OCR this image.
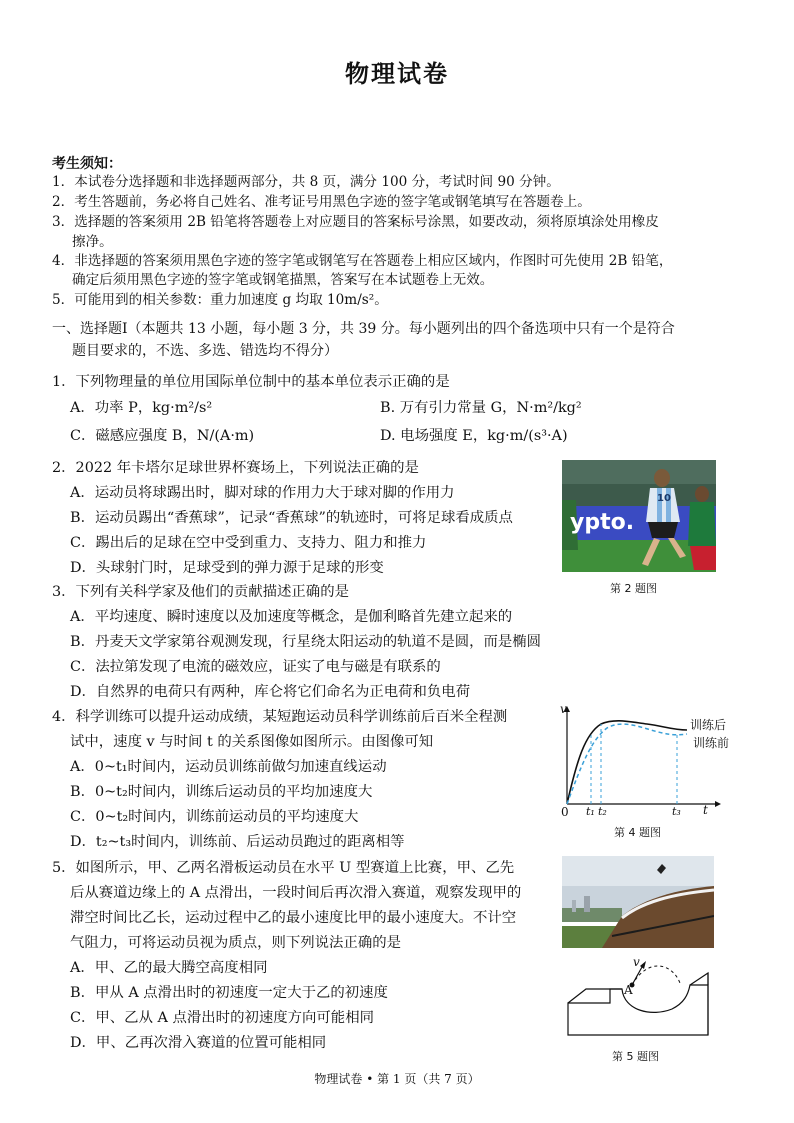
物理试卷
考生须知：
1．本试卷分选择题和非选择题两部分，共 8 页，满分 100 分，考试时间 90 分钟。
2．考生答题前，务必将自己姓名、准考证号用黑色字迹的签字笔或钢笔填写在答题卷上。
3．选择题的答案须用 2B 铅笔将答题卷上对应题目的答案标号涂黑，如要改动，须将原填涂处用橡皮
擦净。
4．非选择题的答案须用黑色字迹的签字笔或钢笔写在答题卷上相应区域内，作图时可先使用 2B 铅笔，
确定后须用黑色字迹的签字笔或钢笔描黑，答案写在本试题卷上无效。
5．可能用到的相关参数：重力加速度 g 均取 10m/s²。
一、选择题Ⅰ（本题共 13 小题，每小题 3 分，共 39 分。每小题列出的四个备选项中只有一个是符合
题目要求的，不选、多选、错选均不得分）
1．下列物理量的单位用国际单位制中的基本单位表示正确的是
A．功率 P，kg·m²/s²	B. 万有引力常量 G，N·m²/kg²
C．磁感应强度 B，N/(A·m)	D. 电场强度 E，kg·m/(s³·A)
2．2022 年卡塔尔足球世界杯赛场上，下列说法正确的是
A．运动员将球踢出时，脚对球的作用力大于球对脚的作用力
B．运动员踢出“香蕉球”，记录“香蕉球”的轨迹时，可将足球看成质点
C．踢出后的足球在空中受到重力、支持力、阻力和推力
D．头球射门时，足球受到的弹力源于足球的形变
ypto.
10
第 2 题图
3．下列有关科学家及他们的贡献描述正确的是
A．平均速度、瞬时速度以及加速度等概念，是伽利略首先建立起来的
B．丹麦天文学家第谷观测发现，行星绕太阳运动的轨道不是圆，而是椭圆
C．法拉第发现了电流的磁效应，证实了电与磁是有联系的
D．自然界的电荷只有两种，库仑将它们命名为正电荷和负电荷
4．科学训练可以提升运动成绩，某短跑运动员科学训练前后百米全程测
试中，速度 v 与时间 t 的关系图像如图所示。由图像可知
A．0~t₁时间内，运动员训练前做匀加速直线运动
B．0~t₂时间内，训练后运动员的平均加速度大
C．0~t₂时间内，训练前运动员的平均速度大
D．t₂~t₃时间内，训练前、后运动员跑过的距离相等
v
t
0 t₁ t₂	t₃
训练后
训练前
第 4 题图
5．如图所示，甲、乙两名滑板运动员在水平 U 型赛道上比赛，甲、乙先
后从赛道边缘上的 A 点滑出，一段时间后再次滑入赛道，观察发现甲的
滞空时间比乙长，运动过程中乙的最小速度比甲的最小速度大。不计空
气阻力，可将运动员视为质点，则下列说法正确的是
A．甲、乙的最大腾空高度相同
B．甲从 A 点滑出时的初速度一定大于乙的初速度
C．甲、乙从 A 点滑出时的初速度方向可能相同
D．甲、乙再次滑入赛道的位置可能相同
v
A
第 5 题图
物理试卷 • 第 1 页（共 7 页）
